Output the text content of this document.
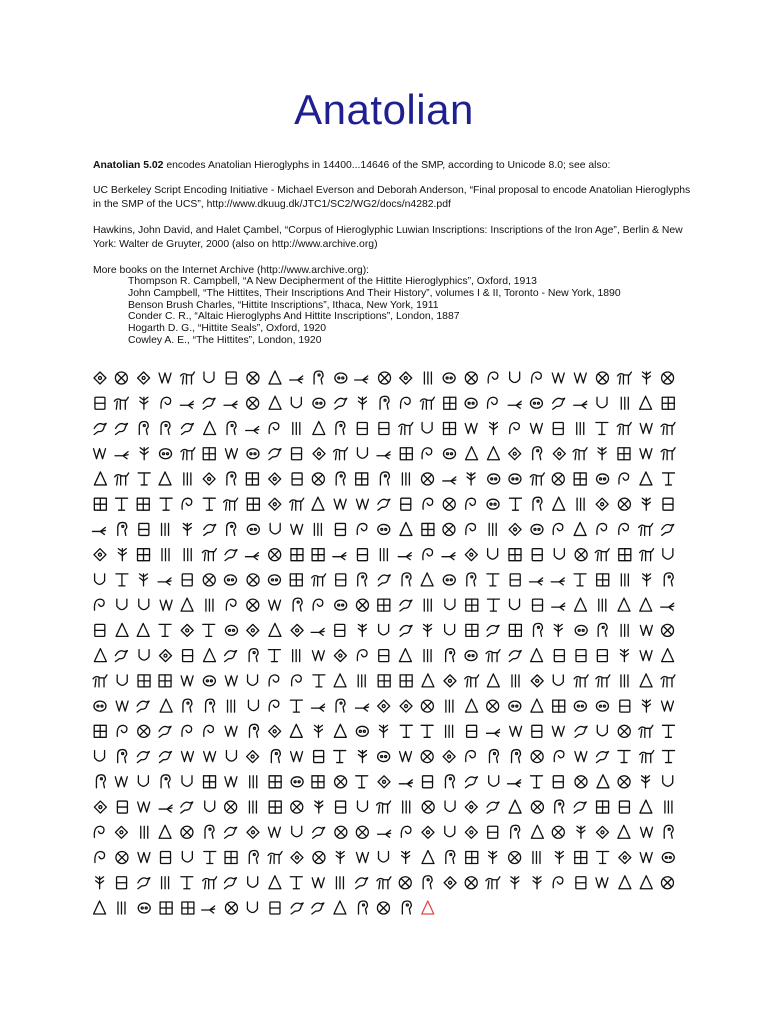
Anatolian
Anatolian 5.02 encodes Anatolian Hieroglyphs in 14400...14646 of the SMP, according to Unicode 8.0; see also:
UC Berkeley Script Encoding Initiative - Michael Everson and Deborah Anderson, “Final proposal to encode Anatolian Hieroglyphs in the SMP of the UCS”, http://www.dkuug.dk/JTC1/SC2/WG2/docs/n4282.pdf
Hawkins, John David, and Halet Çambel, “Corpus of Hieroglyphic Luwian Inscriptions: Inscriptions of the Iron Age”, Berlin & New York: Walter de Gruyter, 2000 (also on http://www.archive.org)
More books on the Internet Archive (http://www.archive.org):
Thompson R. Campbell, “A New Decipherment of the Hittite Hieroglyphics”, Oxford, 1913
John Campbell, “The Hittites, Their Inscriptions And Their History”, volumes I & II, Toronto - New York, 1890
Benson Brush Charles, “Hittite Inscriptions”, Ithaca, New York, 1911
Conder C. R., “Altaic Hieroglyphs And Hittite Inscriptions”, London, 1887
Hogarth D. G., “Hittite Seals”, Oxford, 1920
Cowley A. E., “The Hittites”, London, 1920
